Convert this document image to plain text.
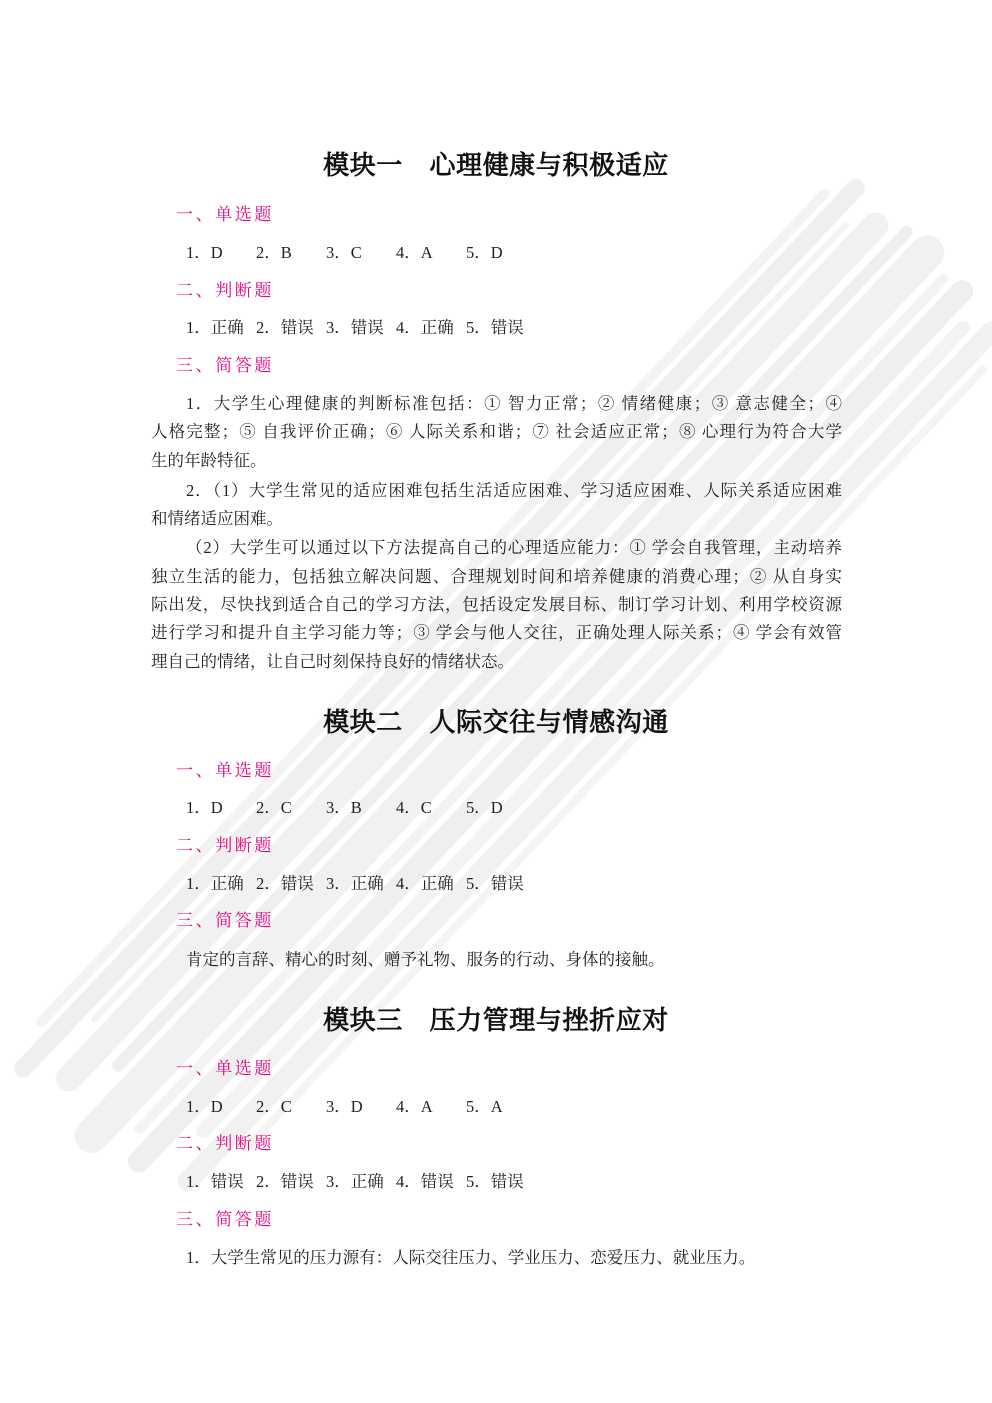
模块一　心理健康与积极适应
一、单选题
1．D 2．B 3．C 4．A 5．D
二、判断题
1．正确 2．错误 3．错误 4．正确 5．错误
三、简答题
1．大学生心理健康的判断标准包括：① 智力正常；② 情绪健康；③ 意志健全；④
人格完整；⑤ 自我评价正确；⑥ 人际关系和谐；⑦ 社会适应正常；⑧ 心理行为符合大学
生的年龄特征。
2．（1）大学生常见的适应困难包括生活适应困难、学习适应困难、人际关系适应困难
和情绪适应困难。
（2）大学生可以通过以下方法提高自己的心理适应能力：① 学会自我管理，主动培养
独立生活的能力，包括独立解决问题、合理规划时间和培养健康的消费心理；② 从自身实
际出发，尽快找到适合自己的学习方法，包括设定发展目标、制订学习计划、利用学校资源
进行学习和提升自主学习能力等；③ 学会与他人交往，正确处理人际关系；④ 学会有效管
理自己的情绪，让自己时刻保持良好的情绪状态。
模块二　人际交往与情感沟通
一、单选题
1．D 2．C 3．B 4．C 5．D
二、判断题
1．正确 2．错误 3．正确 4．正确 5．错误
三、简答题
肯定的言辞、精心的时刻、赠予礼物、服务的行动、身体的接触。
模块三　压力管理与挫折应对
一、单选题
1．D 2．C 3．D 4．A 5．A
二、判断题
1．错误 2．错误 3．正确 4．错误 5．错误
三、简答题
1．大学生常见的压力源有：人际交往压力、学业压力、恋爱压力、就业压力。
